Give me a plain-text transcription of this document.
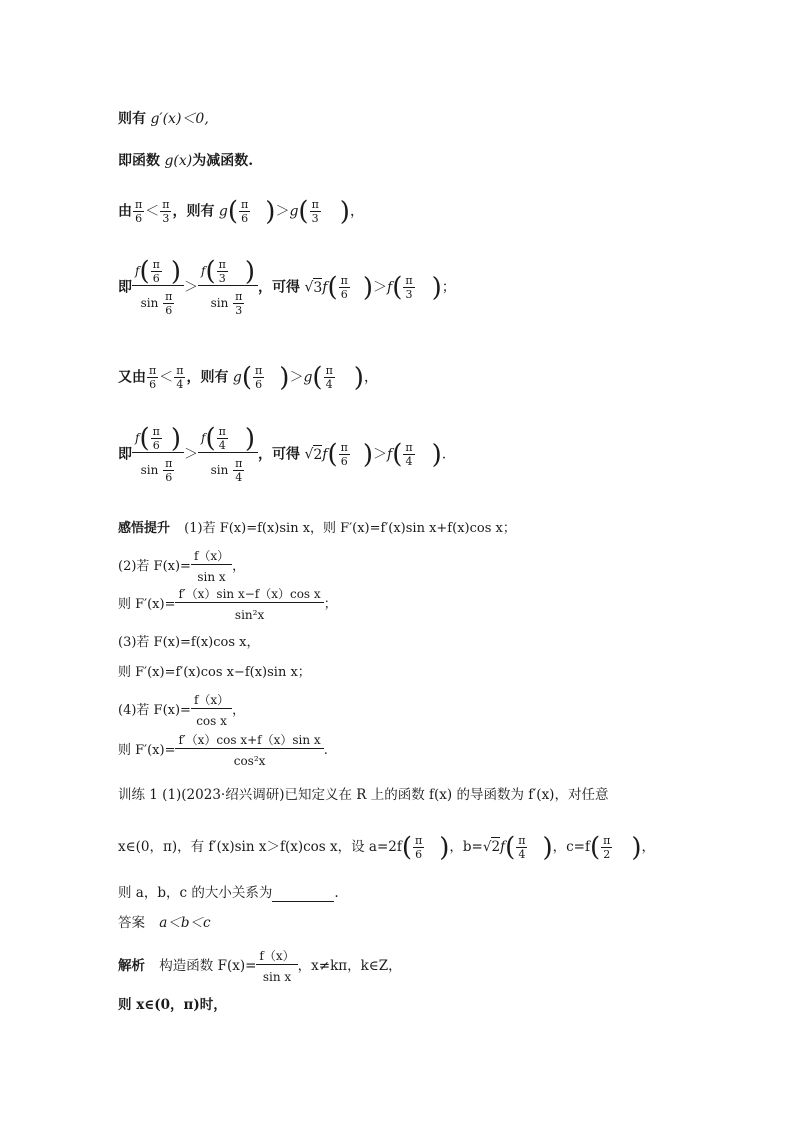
则有 g′(x)＜0,
即函数 g(x)为减函数.
由 $\frac{\pi}{6} < \frac{\pi}{3}$ ，则有 $g( \frac{\pi}{6} )>g( \frac{\pi}{3}$ )，
即 $\frac{f( \frac{\pi}{6} )}{\sin \frac{\pi}{6}} > \frac{f( \frac{\pi}{3} )}{\sin \frac{\pi}{3}}$ ，可得 $√3f( \frac{\pi}{6} )>f( \frac{\pi}{3}$ )；
又由 $\frac{\pi}{6} < \frac{\pi}{4}$ ，则有 $g( \frac{\pi}{6} )>g( \frac{\pi}{4}$ )，
即 $\frac{f( \frac{\pi}{6} )}{\sin \frac{\pi}{6}} > \frac{f( \frac{\pi}{4} )}{\sin \frac{\pi}{4}}$ ，可得 $√2f( \frac{\pi}{6} )>f( \frac{\pi}{4}$ ).
感悟提升 (1)若 F(x)=f(x)sin x，则 F′(x)=f′(x)sin x+f(x)cos x；
(2)若 $F(x)= \frac{f(x)}{\text{sin x}}$ ，
则 $F'(x)= \frac{\text{f′（x）sin x−f（x）cos x}}{\text{sin²x}}$ ；
(3)若 F(x)=f(x)cos x，
则 F′(x)=f′(x)cos x−f(x)sin x；
(4)若 $F(x)= \frac{f(x)}{\text{cos x}}$ ，
则 $F'(x)= \frac{\text{f′（x）cos x+f（x）sin x}}{\text{cos²x}}$ .
训练 1 (1)(2023·绍兴调研)已知定义在 R 上的函数 f(x) 的导函数为 f′(x)，对任意
x∈(0，π)，有 f′(x)sin x＞f(x)cos x，设 $a=2f( \frac{\pi}{6}$ )，$b=√2f( \frac{\pi}{4}$ )，$c=f( \frac{\pi}{2}$ )，
则 a，b，c 的大小关系为	.
答案 a＜b＜c
解析 构造函数 $F(x)= \frac{f(x)}{\text{sin x}}$ ，x≠kπ，k∈Z，
则 x∈(0，π)时，
